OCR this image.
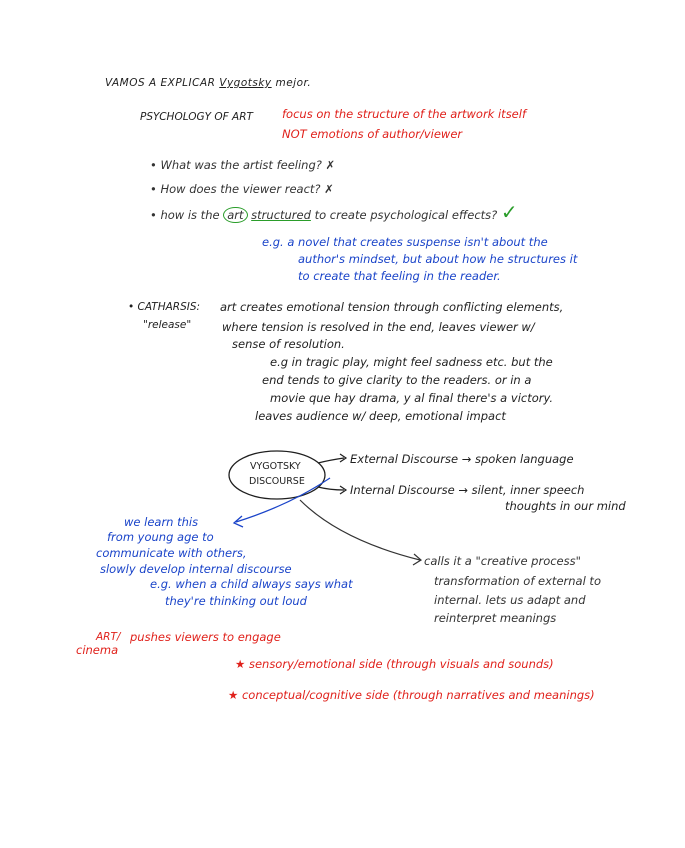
VAMOS A EXPLICAR Vygotsky mejor.
PSYCHOLOGY OF ART	focus on the structure of the artwork itself
NOT emotions of author/viewer
• What was the artist feeling? ✗
• How does the viewer react? ✗
• how is the art structured to create psychological effects? ✓
e.g. a novel that creates suspense isn't about the
author's mindset, but about how he structures it
to create that feeling in the reader.
• CATHARSIS:
"release"
art creates emotional tension through conflicting elements,
where tension is resolved in the end, leaves viewer w/
sense of resolution.
e.g in tragic play, might feel sadness etc. but the
end tends to give clarity to the readers. or in a
movie que hay drama, y al final there's a victory.
leaves audience w/ deep, emotional impact
VYGOTSKY
DISCOURSE
External Discourse → spoken language
Internal Discourse → silent, inner speech
thoughts in our mind
we learn this
from young age to
communicate with others,
slowly develop internal discourse
e.g. when a child always says what
they're thinking out loud
calls it a "creative process"
transformation of external to
internal. lets us adapt and
reinterpret meanings
ART/
cinema
pushes viewers to engage
★ sensory/emotional side (through visuals and sounds)
★ conceptual/cognitive side (through narratives and meanings)
